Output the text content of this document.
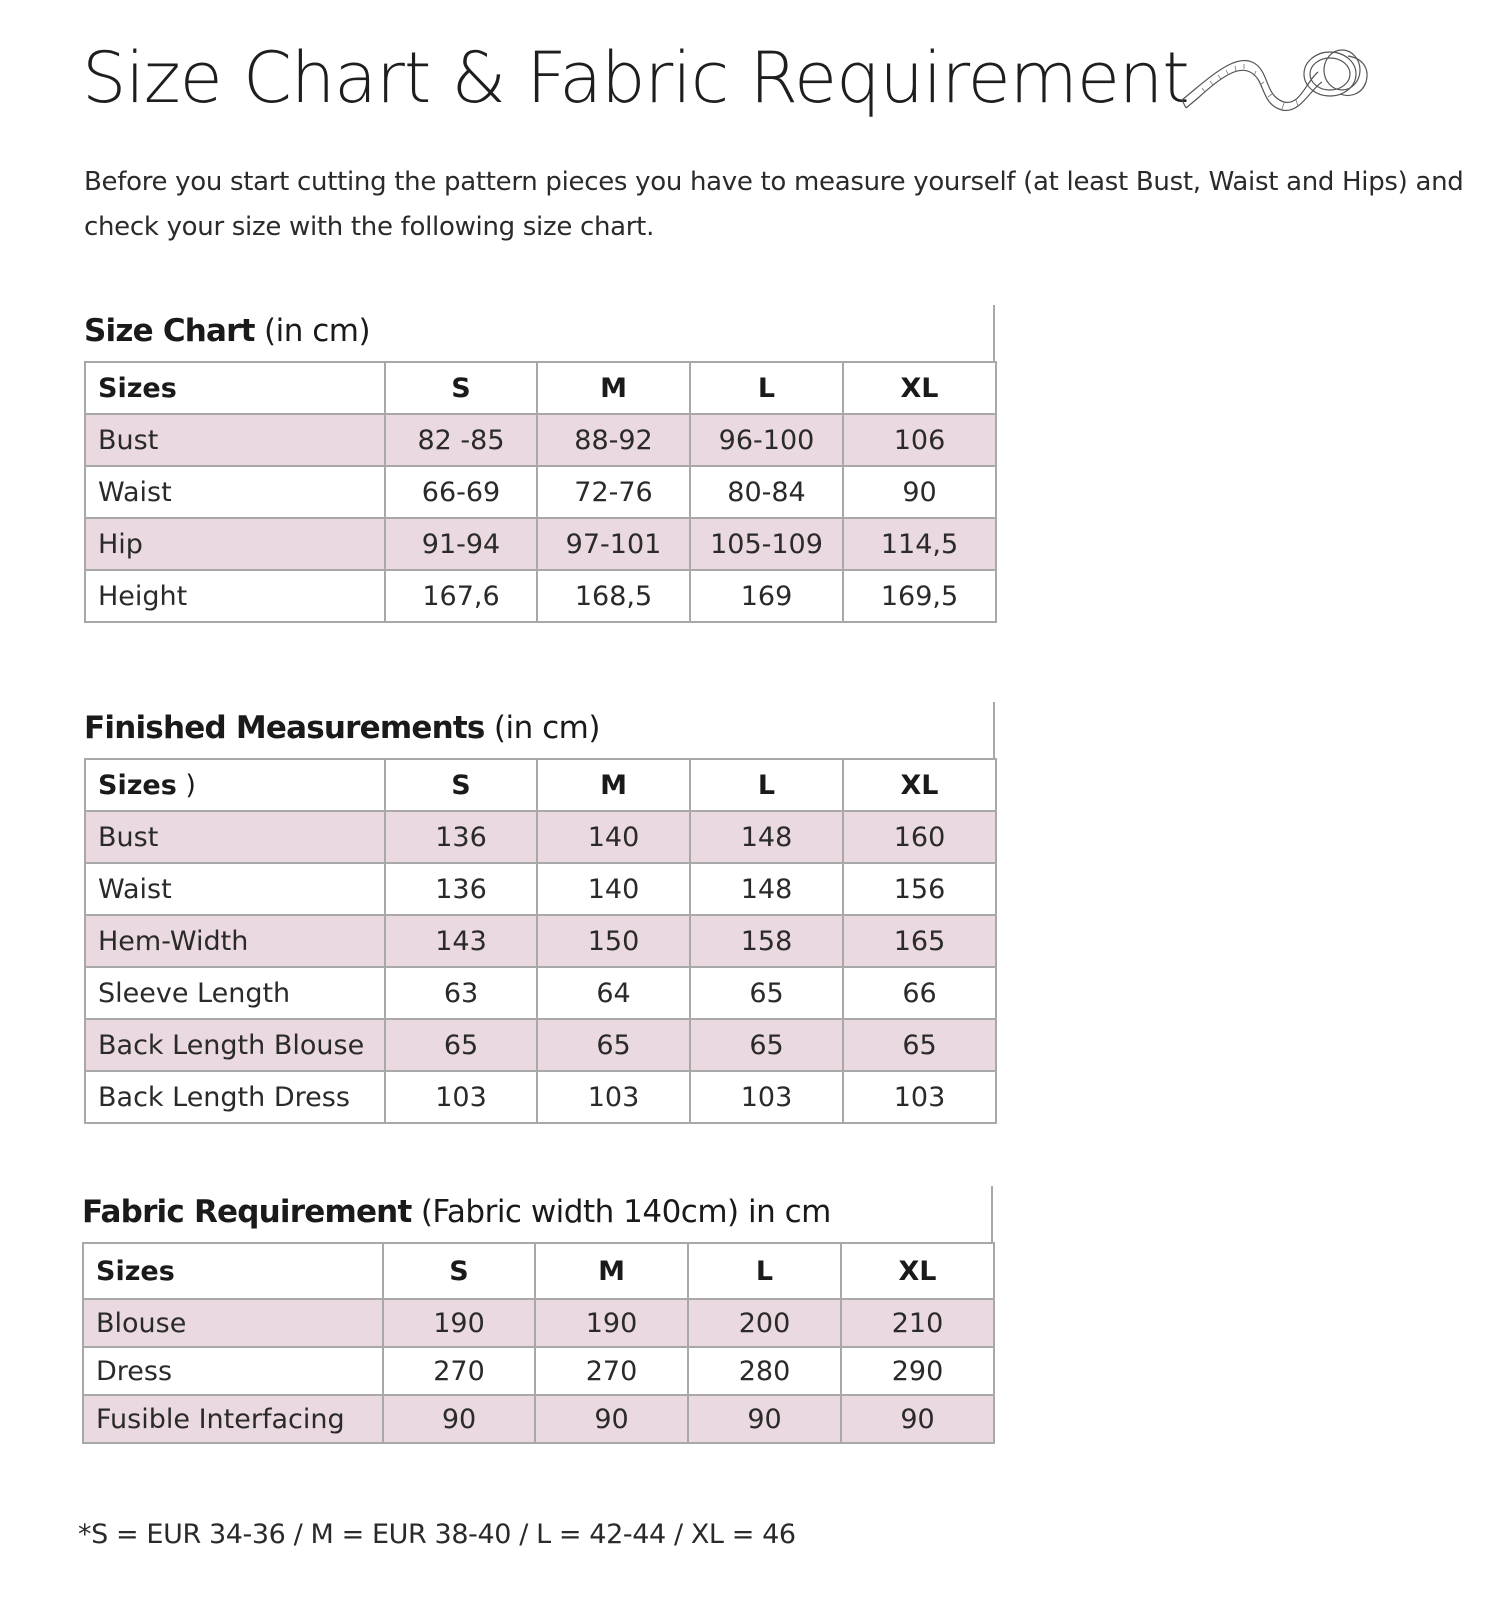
Size Chart & Fabric Requirement

Before you start cutting the pattern pieces you have to measure yourself (at least Bust, Waist and Hips) and check your size with the following size chart.

Size Chart (in cm)
Sizes	S	M	L	XL
Bust	82 -85	88-92	96-100	106
Waist	66-69	72-76	80-84	90
Hip	91-94	97-101	105-109	114,5
Height	167,6	168,5	169	169,5
Finished Measurements (in cm)
Sizes )	S	M	L	XL
Bust	136	140	148	160
Waist	136	140	148	156
Hem-Width	143	150	158	165
Sleeve Length	63	64	65	66
Back Length Blouse	65	65	65	65
Back Length Dress	103	103	103	103
Fabric Requirement (Fabric width 140cm) in cm
Sizes	S	M	L	XL
Blouse	190	190	200	210
Dress	270	270	280	290
Fusible Interfacing	90	90	90	90

*S = EUR 34-36 / M = EUR 38-40 / L = 42-44 / XL = 46
